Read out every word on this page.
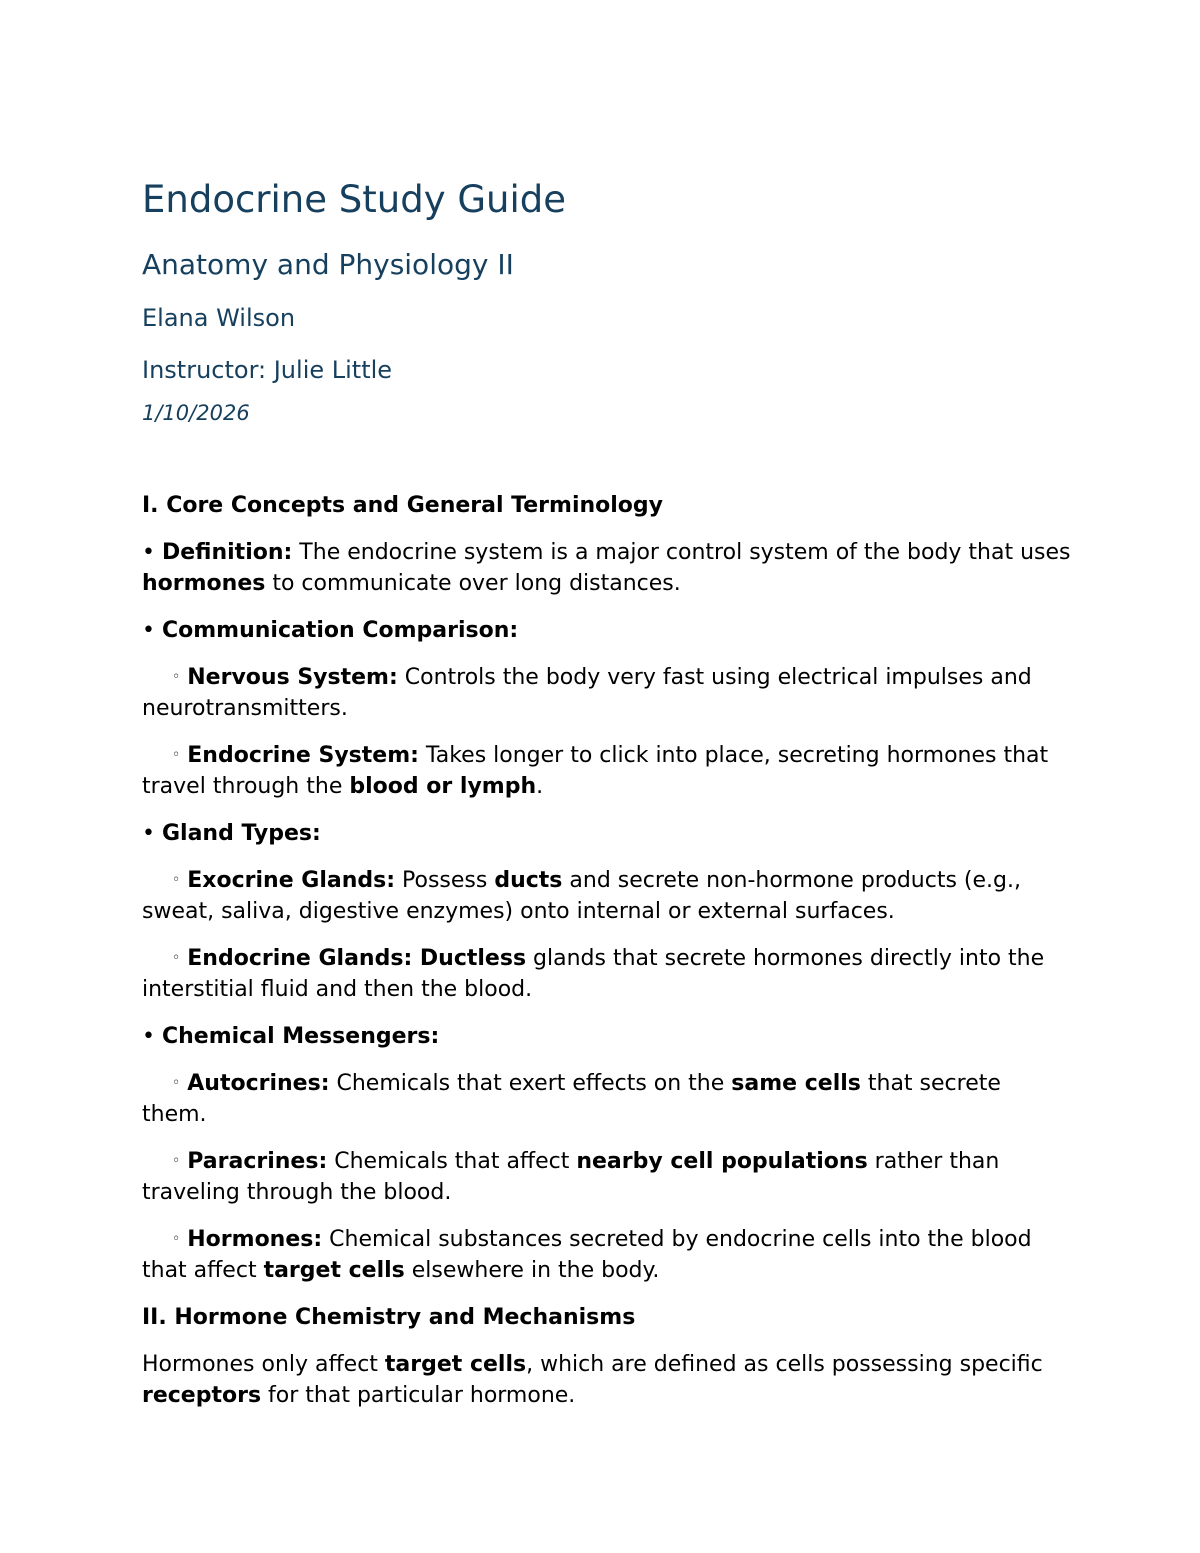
Endocrine Study Guide
Anatomy and Physiology II

Elana Wilson

Instructor: Julie Little

1/10/2026

I. Core Concepts and General Terminology

• Definition: The endocrine system is a major control system of the body that uses hormones to communicate over long distances.

• Communication Comparison:

◦ Nervous System: Controls the body very fast using electrical impulses and neurotransmitters.

◦ Endocrine System: Takes longer to click into place, secreting hormones that travel through the blood or lymph.

• Gland Types:

◦ Exocrine Glands: Possess ducts and secrete non-hormone products (e.g., sweat, saliva, digestive enzymes) onto internal or external surfaces.

◦ Endocrine Glands: Ductless glands that secrete hormones directly into the interstitial fluid and then the blood.

• Chemical Messengers:

◦ Autocrines: Chemicals that exert effects on the same cells that secrete them.

◦ Paracrines: Chemicals that affect nearby cell populations rather than traveling through the blood.

◦ Hormones: Chemical substances secreted by endocrine cells into the blood that affect target cells elsewhere in the body.

II. Hormone Chemistry and Mechanisms

Hormones only affect target cells, which are defined as cells possessing specific receptors for that particular hormone.
